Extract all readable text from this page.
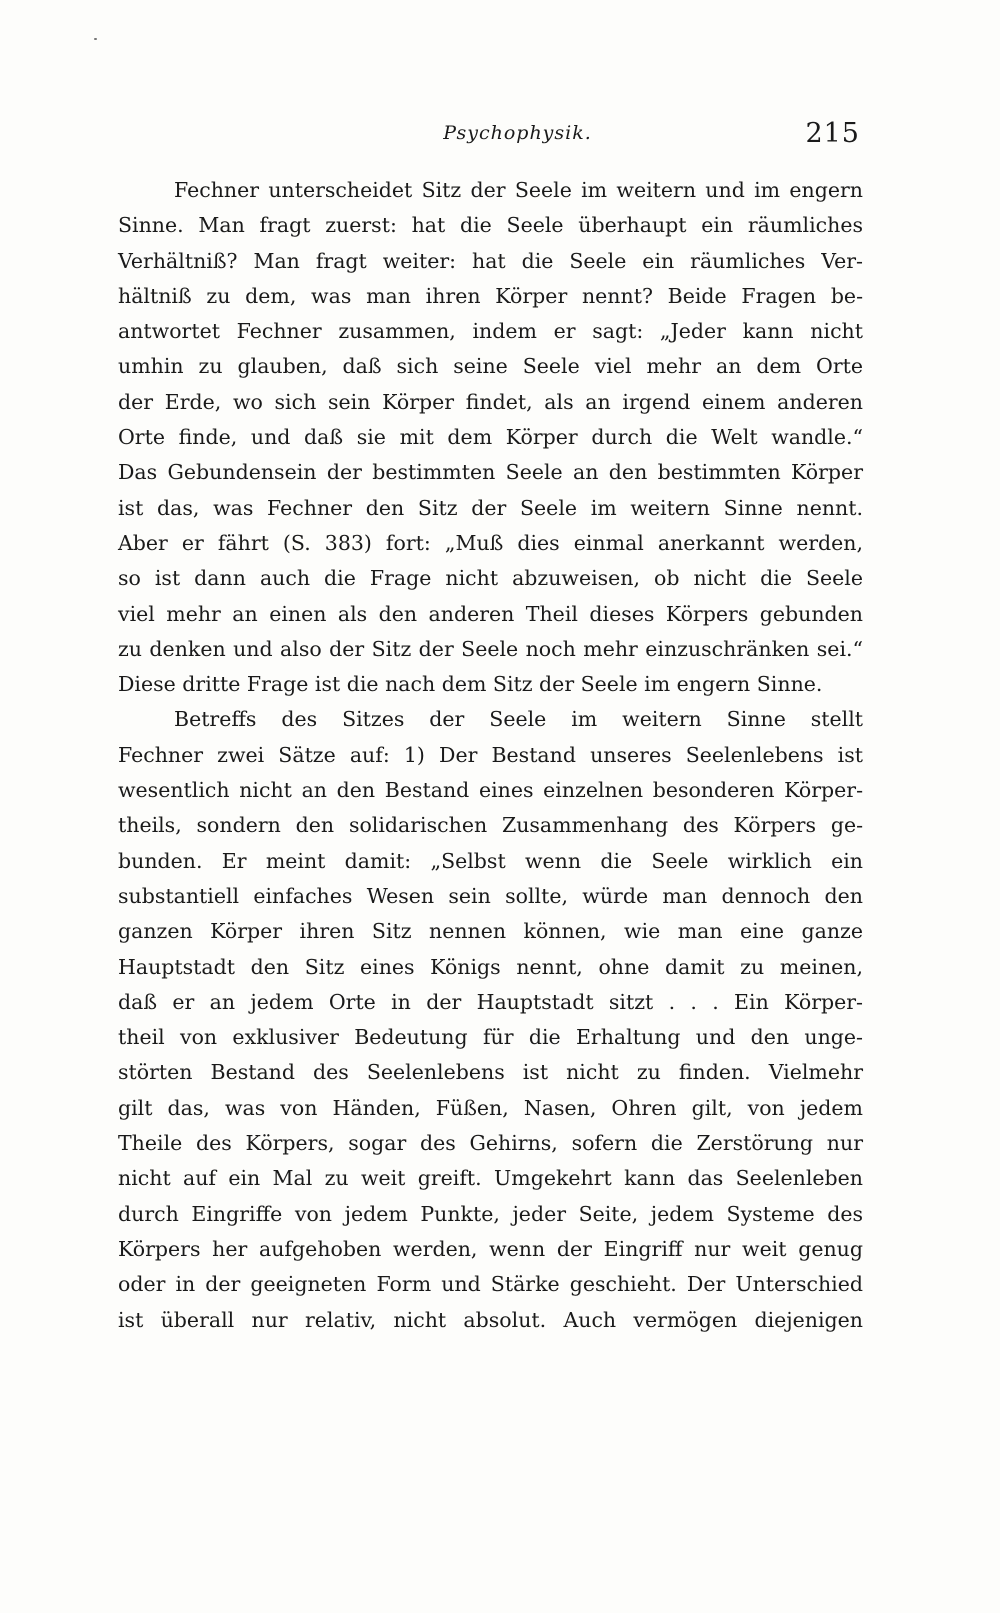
Psychophysik.	215
Fechner unterscheidet Sitz der Seele im weitern und im engern
Sinne. Man fragt zuerst: hat die Seele überhaupt ein räumliches
Verhältniß? Man fragt weiter: hat die Seele ein räumliches Ver-
hältniß zu dem, was man ihren Körper nennt? Beide Fragen be-
antwortet Fechner zusammen, indem er sagt: „Jeder kann nicht
umhin zu glauben, daß sich seine Seele viel mehr an dem Orte
der Erde, wo sich sein Körper findet, als an irgend einem anderen
Orte finde, und daß sie mit dem Körper durch die Welt wandle.“
Das Gebundensein der bestimmten Seele an den bestimmten Körper
ist das, was Fechner den Sitz der Seele im weitern Sinne nennt.
Aber er fährt (S. 383) fort: „Muß dies einmal anerkannt werden,
so ist dann auch die Frage nicht abzuweisen, ob nicht die Seele
viel mehr an einen als den anderen Theil dieses Körpers gebunden
zu denken und also der Sitz der Seele noch mehr einzuschränken sei.“
Diese dritte Frage ist die nach dem Sitz der Seele im engern Sinne.
Betreffs des Sitzes der Seele im weitern Sinne stellt
Fechner zwei Sätze auf: 1) Der Bestand unseres Seelenlebens ist
wesentlich nicht an den Bestand eines einzelnen besonderen Körper-
theils, sondern den solidarischen Zusammenhang des Körpers ge-
bunden. Er meint damit: „Selbst wenn die Seele wirklich ein
substantiell einfaches Wesen sein sollte, würde man dennoch den
ganzen Körper ihren Sitz nennen können, wie man eine ganze
Hauptstadt den Sitz eines Königs nennt, ohne damit zu meinen,
daß er an jedem Orte in der Hauptstadt sitzt . . . Ein Körper-
theil von exklusiver Bedeutung für die Erhaltung und den unge-
störten Bestand des Seelenlebens ist nicht zu finden. Vielmehr
gilt das, was von Händen, Füßen, Nasen, Ohren gilt, von jedem
Theile des Körpers, sogar des Gehirns, sofern die Zerstörung nur
nicht auf ein Mal zu weit greift. Umgekehrt kann das Seelenleben
durch Eingriffe von jedem Punkte, jeder Seite, jedem Systeme des
Körpers her aufgehoben werden, wenn der Eingriff nur weit genug
oder in der geeigneten Form und Stärke geschieht. Der Unterschied
ist überall nur relativ, nicht absolut. Auch vermögen diejenigen
